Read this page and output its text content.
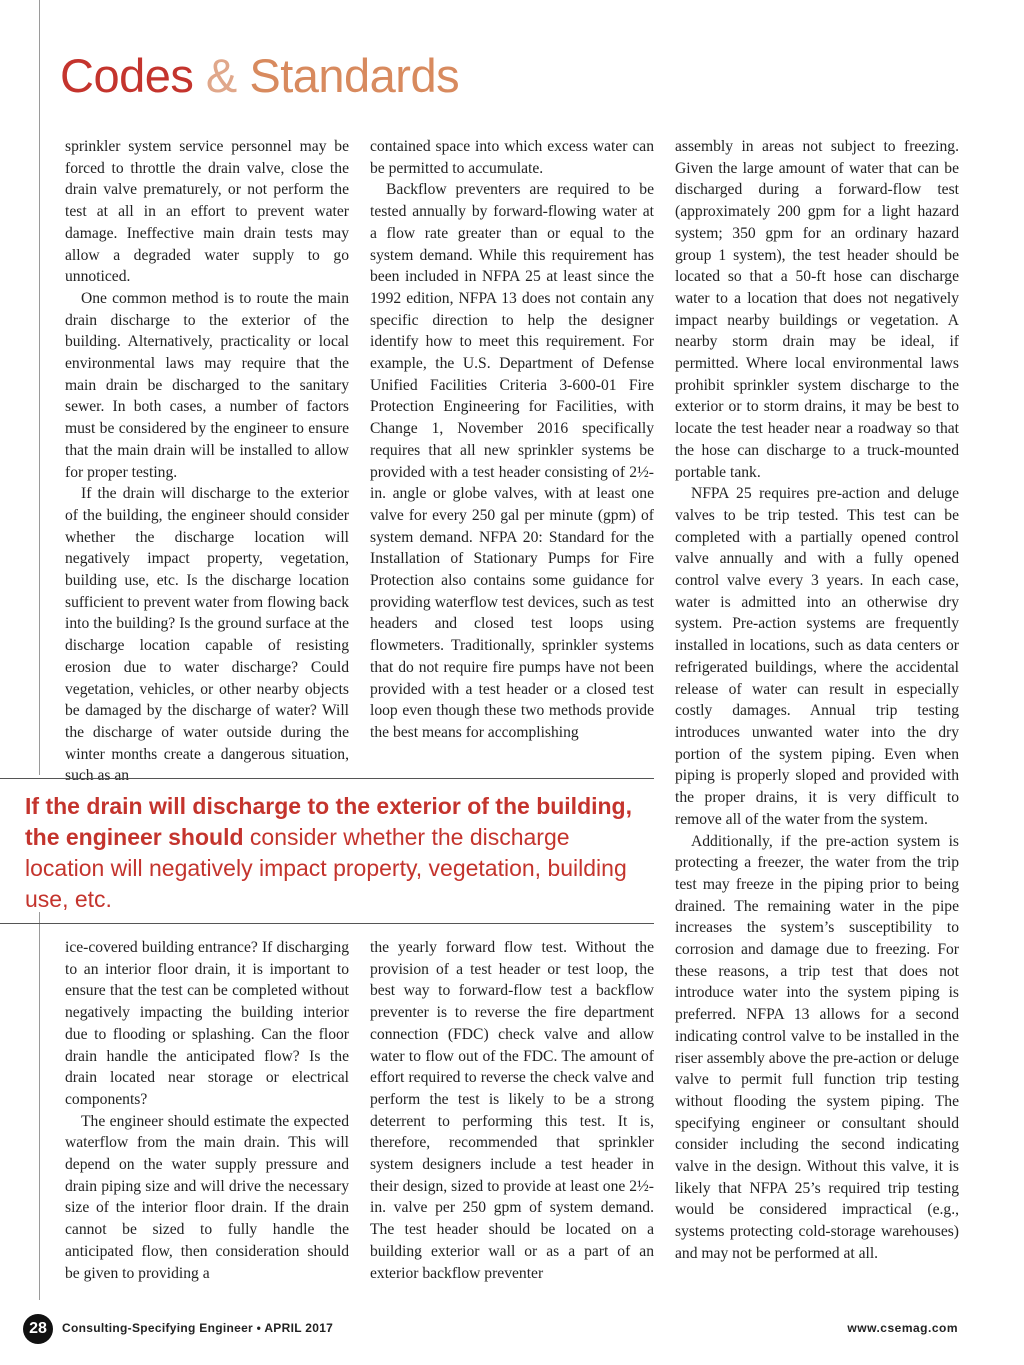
Codes & Standards

sprinkler system service personnel may be forced to throttle the drain valve, close the drain valve prematurely, or not perform the test at all in an effort to prevent water damage. Ineffective main drain tests may allow a degraded water supply to go unnoticed.

One common method is to route the main drain discharge to the exterior of the building. Alternatively, practicality or local environmental laws may require that the main drain be discharged to the sanitary sewer. In both cases, a number of factors must be considered by the engineer to ensure that the main drain will be installed to allow for proper testing.

If the drain will discharge to the exterior of the building, the engineer should consider whether the discharge location will negatively impact property, vegetation, building use, etc. Is the discharge location sufficient to prevent water from flowing back into the building? Is the ground surface at the discharge location capable of resisting erosion due to water discharge? Could vegetation, vehicles, or other nearby objects be damaged by the discharge of water? Will the discharge of water outside during the winter months create a dangerous situation, such as an

contained space into which excess water can be permitted to accumulate.

Backflow preventers are required to be tested annually by forward-flowing water at a flow rate greater than or equal to the system demand. While this requirement has been included in NFPA 25 at least since the 1992 edition, NFPA 13 does not contain any specific direction to help the designer identify how to meet this requirement. For example, the U.S. Department of Defense Unified Facilities Criteria 3-600-01 Fire Protection Engineering for Facilities, with Change 1, November 2016 specifically requires that all new sprinkler systems be provided with a test header consisting of 2½-in. angle or globe valves, with at least one valve for every 250 gal per minute (gpm) of system demand. NFPA 20: Standard for the Installation of Stationary Pumps for Fire Protection also contains some guidance for providing waterflow test devices, such as test headers and closed test loops using flowmeters. Traditionally, sprinkler systems that do not require fire pumps have not been provided with a test header or a closed test loop even though these two methods provide the best means for accomplishing

assembly in areas not subject to freezing. Given the large amount of water that can be discharged during a forward-flow test (approximately 200 gpm for a light hazard system; 350 gpm for an ordinary hazard group 1 system), the test header should be located so that a 50-ft hose can discharge water to a location that does not negatively impact nearby buildings or vegetation. A nearby storm drain may be ideal, if permitted. Where local environmental laws prohibit sprinkler system discharge to the exterior or to storm drains, it may be best to locate the test header near a roadway so that the hose can discharge to a truck-mounted portable tank.

NFPA 25 requires pre-action and deluge valves to be trip tested. This test can be completed with a partially opened control valve annually and with a fully opened control valve every 3 years. In each case, water is admitted into an otherwise dry system. Pre-action systems are frequently installed in locations, such as data centers or refrigerated buildings, where the accidental release of water can result in especially costly damages. Annual trip testing introduces unwanted water into the dry portion of the system piping. Even when piping is properly sloped and provided with the proper drains, it is very difficult to remove all of the water from the system.

Additionally, if the pre-action system is protecting a freezer, the water from the trip test may freeze in the piping prior to being drained. The remaining water in the pipe increases the system’s susceptibility to corrosion and damage due to freezing. For these reasons, a trip test that does not introduce water into the system piping is preferred. NFPA 13 allows for a second indicating control valve to be installed in the riser assembly above the pre-action or deluge valve to permit full function trip testing without flooding the system piping. The specifying engineer or consultant should consider including the second indicating valve in the design. Without this valve, it is likely that NFPA 25’s required trip testing would be considered impractical (e.g., systems protecting cold-storage warehouses) and may not be performed at all.

If the drain will discharge to the exterior of the building, the engineer should consider whether the discharge location will negatively impact property, vegetation, building use, etc.

ice-covered building entrance? If discharging to an interior floor drain, it is important to ensure that the test can be completed without negatively impacting the building interior due to flooding or splashing. Can the floor drain handle the anticipated flow? Is the drain located near storage or electrical components?

The engineer should estimate the expected waterflow from the main drain. This will depend on the water supply pressure and drain piping size and will drive the necessary size of the interior floor drain. If the drain cannot be sized to fully handle the anticipated flow, then consideration should be given to providing a

the yearly forward flow test. Without the provision of a test header or test loop, the best way to forward-flow test a backflow preventer is to reverse the fire department connection (FDC) check valve and allow water to flow out of the FDC. The amount of effort required to reverse the check valve and perform the test is likely to be a strong deterrent to performing this test. It is, therefore, recommended that sprinkler system designers include a test header in their design, sized to provide at least one 2½-in. valve per 250 gpm of system demand. The test header should be located on a building exterior wall or as a part of an exterior backflow preventer

28	Consulting-Specifying Engineer • APRIL 2017	www.csemag.com
